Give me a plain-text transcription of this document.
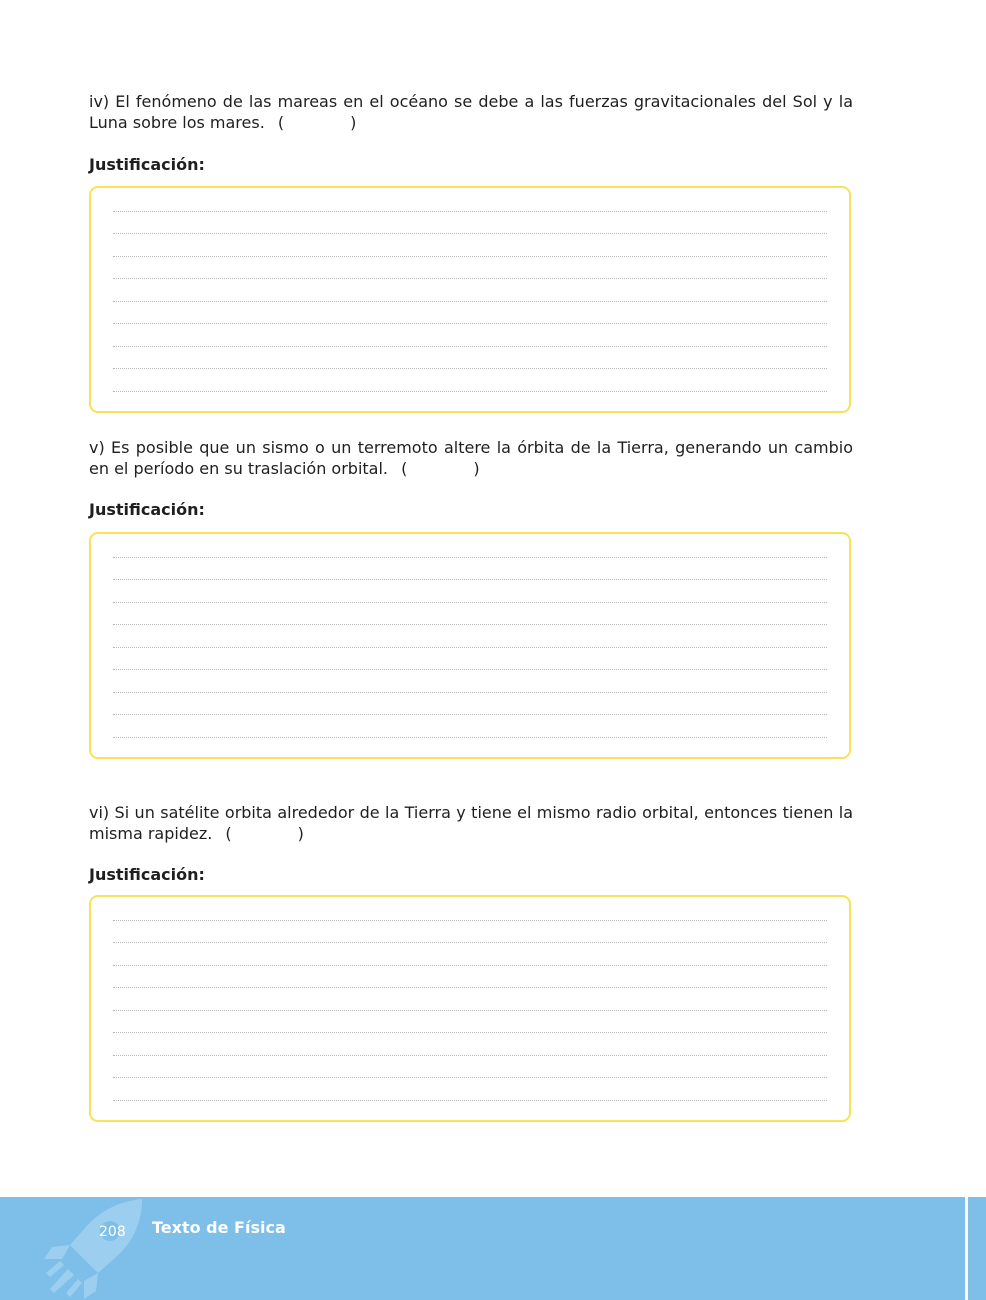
iv) El fenómeno de las mareas en el océano se debe a las fuerzas gravitacionales del Sol y la Luna sobre los mares. (	)
Justificación:
v) Es posible que un sismo o un terremoto altere la órbita de la Tierra, generando un cambio en el período en su traslación orbital. (	)
Justificación:
vi) Si un satélite orbita alrededor de la Tierra y tiene el mismo radio orbital, entonces tienen la misma rapidez. (	)
Justificación:
208 Texto de Física
